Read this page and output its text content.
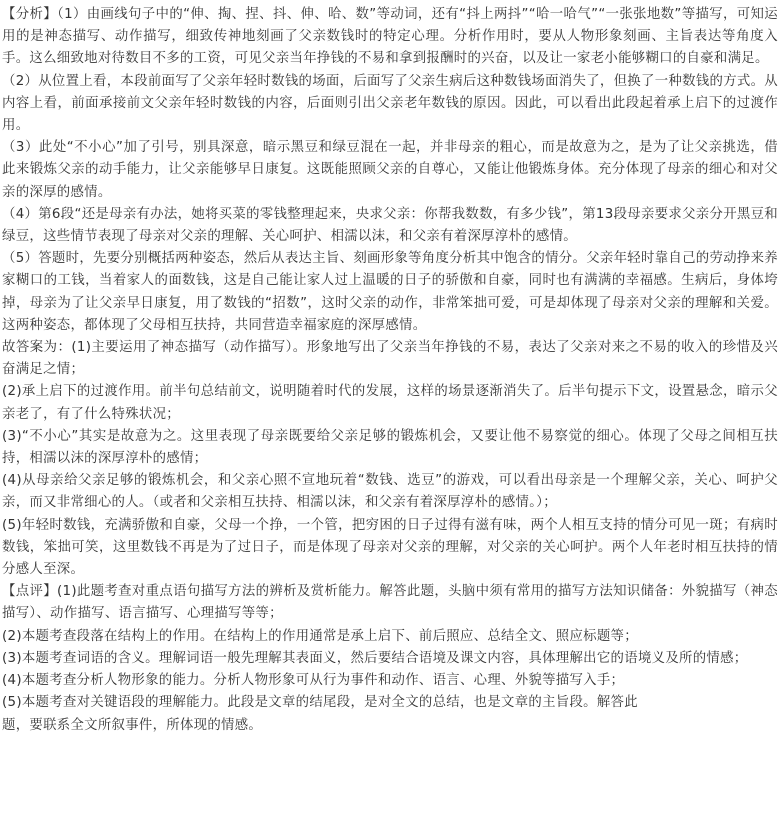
【分析】（1）由画线句子中的“伸、掏、捏、抖、伸、哈、数”等动词，还有“抖上两抖”“哈一哈气”“一张张地数”等描写，可知运用的是神态描写、动作描写，细致传神地刻画了父亲数钱时的特定心理。分析作用时，要从人物形象刻画、主旨表达等角度入手。这么细致地对待数目不多的工资，可见父亲当年挣钱的不易和拿到报酬时的兴奋，以及让一家老小能够糊口的自豪和满足。

（2）从位置上看，本段前面写了父亲年轻时数钱的场面，后面写了父亲生病后这种数钱场面消失了，但换了一种数钱的方式。从内容上看，前面承接前文父亲年轻时数钱的内容，后面则引出父亲老年数钱的原因。因此，可以看出此段起着承上启下的过渡作用。

（3）此处“不小心”加了引号，别具深意，暗示黑豆和绿豆混在一起，并非母亲的粗心，而是故意为之，是为了让父亲挑选，借此来锻炼父亲的动手能力，让父亲能够早日康复。这既能照顾父亲的自尊心，又能让他锻炼身体。充分体现了母亲的细心和对父亲的深厚的感情。

（4）第6段“还是母亲有办法，她将买菜的零钱整理起来，央求父亲：你帮我数数，有多少钱”，第13段母亲要求父亲分开黑豆和绿豆，这些情节表现了母亲对父亲的理解、关心呵护、相濡以沫，和父亲有着深厚淳朴的感情。

（5）答题时，先要分别概括两种姿态，然后从表达主旨、刻画形象等角度分析其中饱含的情分。父亲年轻时靠自己的劳动挣来养家糊口的工钱，当着家人的面数钱，这是自己能让家人过上温暖的日子的骄傲和自豪，同时也有满满的幸福感。生病后，身体垮掉，母亲为了让父亲早日康复，用了数钱的“招数”，这时父亲的动作，非常笨拙可爱，可是却体现了母亲对父亲的理解和关爱。这两种姿态，都体现了父母相互扶持，共同营造幸福家庭的深厚感情。

故答案为：(1)主要运用了神态描写（动作描写）。形象地写出了父亲当年挣钱的不易，表达了父亲对来之不易的收入的珍惜及兴奋满足之情；

(2)承上启下的过渡作用。前半句总结前文，说明随着时代的发展，这样的场景逐渐消失了。后半句提示下文，设置悬念，暗示父亲老了，有了什么特殊状况；

(3)“不小心”其实是故意为之。这里表现了母亲既要给父亲足够的锻炼机会，又要让他不易察觉的细心。体现了父母之间相互扶持，相濡以沫的深厚淳朴的感情；

(4)从母亲给父亲足够的锻炼机会，和父亲心照不宣地玩着“数钱、选豆”的游戏，可以看出母亲是一个理解父亲，关心、呵护父亲，而又非常细心的人。（或者和父亲相互扶持、相濡以沫，和父亲有着深厚淳朴的感情。）；

(5)年轻时数钱，充满骄傲和自豪，父母一个挣，一个管，把穷困的日子过得有滋有味，两个人相互支持的情分可见一斑；有病时数钱，笨拙可笑，这里数钱不再是为了过日子，而是体现了母亲对父亲的理解，对父亲的关心呵护。两个人年老时相互扶持的情分感人至深。

【点评】(1)此题考查对重点语句描写方法的辨析及赏析能力。解答此题，头脑中须有常用的描写方法知识储备：外貌描写（神态描写）、动作描写、语言描写、心理描写等等；

(2)本题考查段落在结构上的作用。在结构上的作用通常是承上启下、前后照应、总结全文、照应标题等；

(3)本题考查词语的含义。理解词语一般先理解其表面义，然后要结合语境及课文内容，具体理解出它的语境义及所的情感；

(4)本题考查分析人物形象的能力。分析人物形象可从行为事件和动作、语言、心理、外貌等描写入手；

(5)本题考查对关键语段的理解能力。此段是文章的结尾段，是对全文的总结，也是文章的主旨段。解答此

题，要联系全文所叙事件，所体现的情感。
